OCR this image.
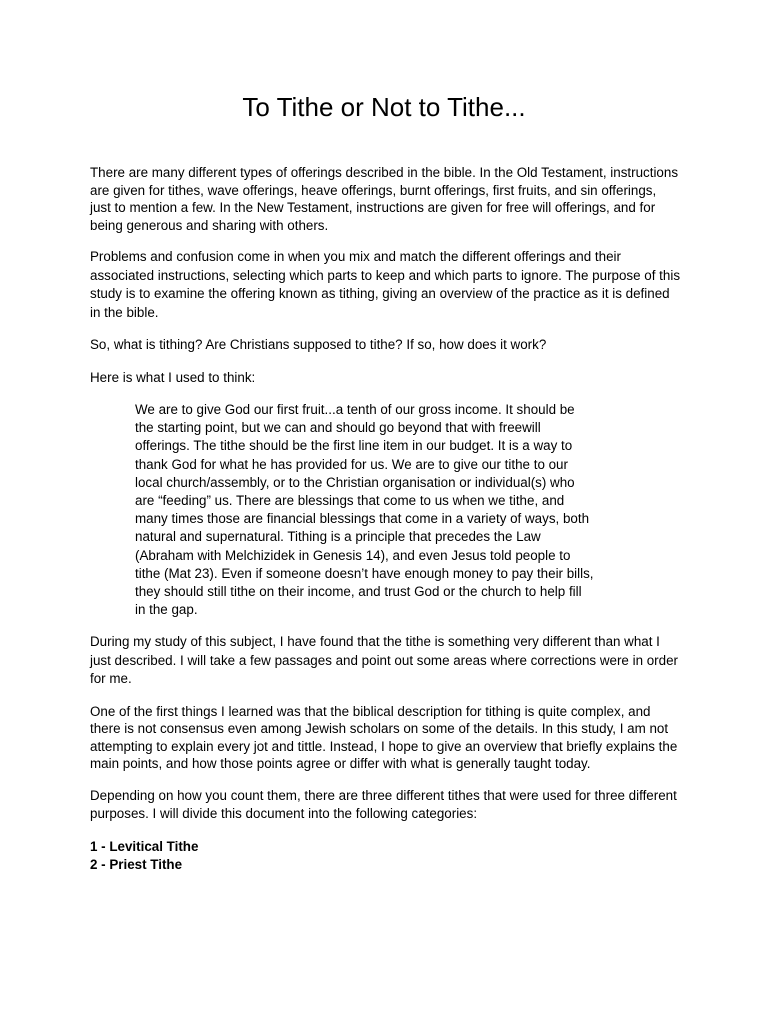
To Tithe or Not to Tithe...

There are many different types of offerings described in the bible. In the Old Testament, instructions are given for tithes, wave offerings, heave offerings, burnt offerings, first fruits, and sin offerings, just to mention a few. In the New Testament, instructions are given for free will offerings, and for being generous and sharing with others.

Problems and confusion come in when you mix and match the different offerings and their associated instructions, selecting which parts to keep and which parts to ignore. The purpose of this study is to examine the offering known as tithing, giving an overview of the practice as it is defined in the bible.

So, what is tithing? Are Christians supposed to tithe? If so, how does it work?

Here is what I used to think:

We are to give God our first fruit...a tenth of our gross income. It should be the starting point, but we can and should go beyond that with freewill offerings. The tithe should be the first line item in our budget. It is a way to thank God for what he has provided for us. We are to give our tithe to our local church/assembly, or to the Christian organisation or individual(s) who are “feeding” us. There are blessings that come to us when we tithe, and many times those are financial blessings that come in a variety of ways, both natural and supernatural. Tithing is a principle that precedes the Law (Abraham with Melchizidek in Genesis 14), and even Jesus told people to tithe (Mat 23). Even if someone doesn’t have enough money to pay their bills, they should still tithe on their income, and trust God or the church to help fill in the gap.

During my study of this subject, I have found that the tithe is something very different than what I just described. I will take a few passages and point out some areas where corrections were in order for me.

One of the first things I learned was that the biblical description for tithing is quite complex, and there is not consensus even among Jewish scholars on some of the details. In this study, I am not attempting to explain every jot and tittle. Instead, I hope to give an overview that briefly explains the main points, and how those points agree or differ with what is generally taught today.

Depending on how you count them, there are three different tithes that were used for three different purposes. I will divide this document into the following categories:

1 - Levitical Tithe
2 - Priest Tithe
